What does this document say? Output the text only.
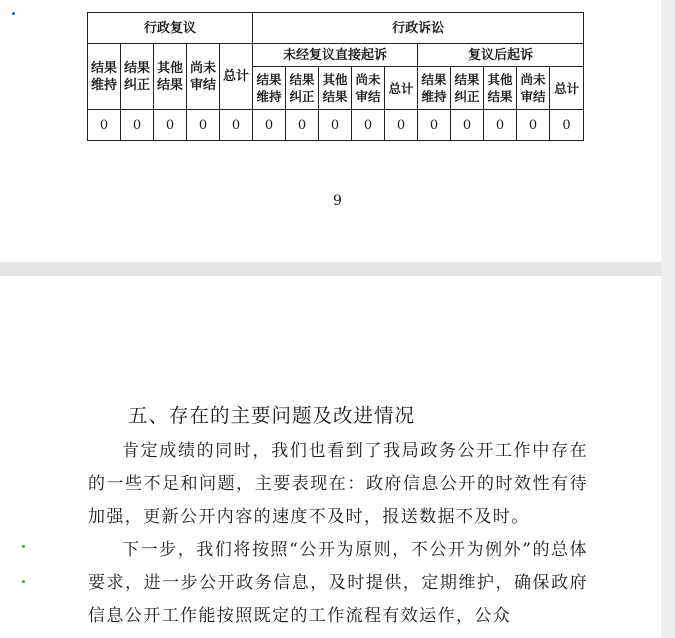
行政复议					行政诉讼									
结果维持	结果纠正	其他结果	尚未审结	总计	未经复议直接起诉					复议后起诉				
					结果维持	结果纠正	其他结果	尚未审结	总计	结果维持	结果纠正	其他结果	尚未审结	总计
0	0	0	0	0	0	0	0	0	0	0	0	0	0	0
9
五、存在的主要问题及改进情况

肯定成绩的同时，我们也看到了我局政务公开工作中存在的一些不足和问题，主要表现在：政府信息公开的时效性有待加强，更新公开内容的速度不及时，报送数据不及时。

下一步，我们将按照“公开为原则，不公开为例外”的总体要求，进一步公开政务信息，及时提供，定期维护，确保政府信息公开工作能按照既定的工作流程有效运作，公众
